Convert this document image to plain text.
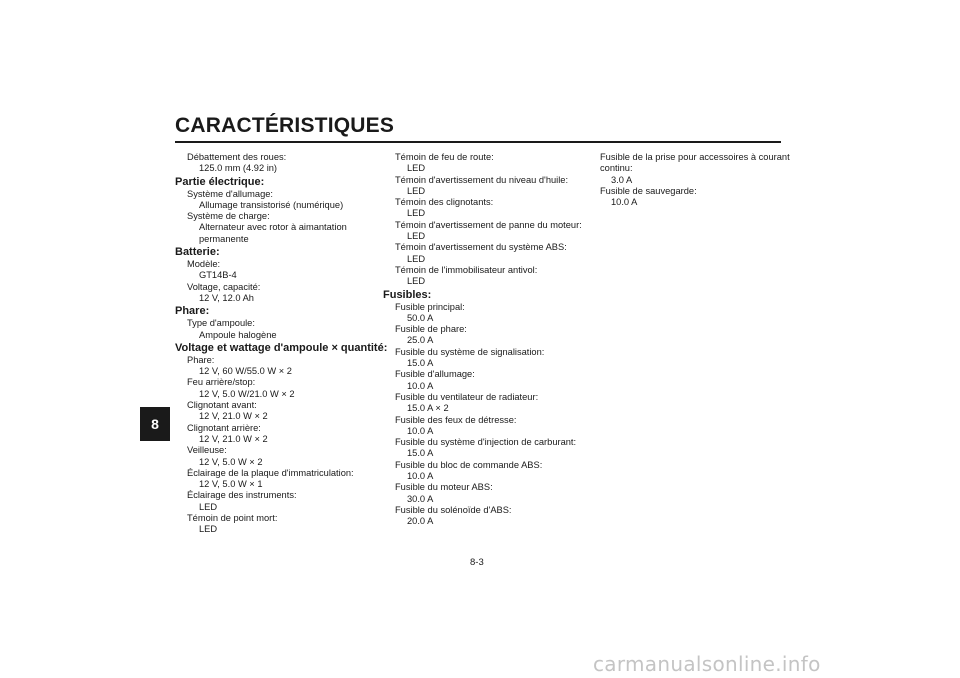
CARACTÉRISTIQUES
8
Débattement des roues:
125.0 mm (4.92 in)
Partie électrique:
Système d'allumage:
Allumage transistorisé (numérique)
Système de charge:
Alternateur avec rotor à aimantation
permanente
Batterie:
Modèle:
GT14B-4
Voltage, capacité:
12 V, 12.0 Ah
Phare:
Type d'ampoule:
Ampoule halogène
Voltage et wattage d'ampoule × quantité:
Phare:
12 V, 60 W/55.0 W × 2
Feu arrière/stop:
12 V, 5.0 W/21.0 W × 2
Clignotant avant:
12 V, 21.0 W × 2
Clignotant arrière:
12 V, 21.0 W × 2
Veilleuse:
12 V, 5.0 W × 2
Éclairage de la plaque d'immatriculation:
12 V, 5.0 W × 1
Éclairage des instruments:
LED
Témoin de point mort:
LED
Témoin de feu de route:
LED
Témoin d'avertissement du niveau d'huile:
LED
Témoin des clignotants:
LED
Témoin d'avertissement de panne du moteur:
LED
Témoin d'avertissement du système ABS:
LED
Témoin de l'immobilisateur antivol:
LED
Fusibles:
Fusible principal:
50.0 A
Fusible de phare:
25.0 A
Fusible du système de signalisation:
15.0 A
Fusible d'allumage:
10.0 A
Fusible du ventilateur de radiateur:
15.0 A × 2
Fusible des feux de détresse:
10.0 A
Fusible du système d'injection de carburant:
15.0 A
Fusible du bloc de commande ABS:
10.0 A
Fusible du moteur ABS:
30.0 A
Fusible du solénoïde d'ABS:
20.0 A
Fusible de la prise pour accessoires à courant
continu:
3.0 A
Fusible de sauvegarde:
10.0 A
8-3
carmanualsonline.info
